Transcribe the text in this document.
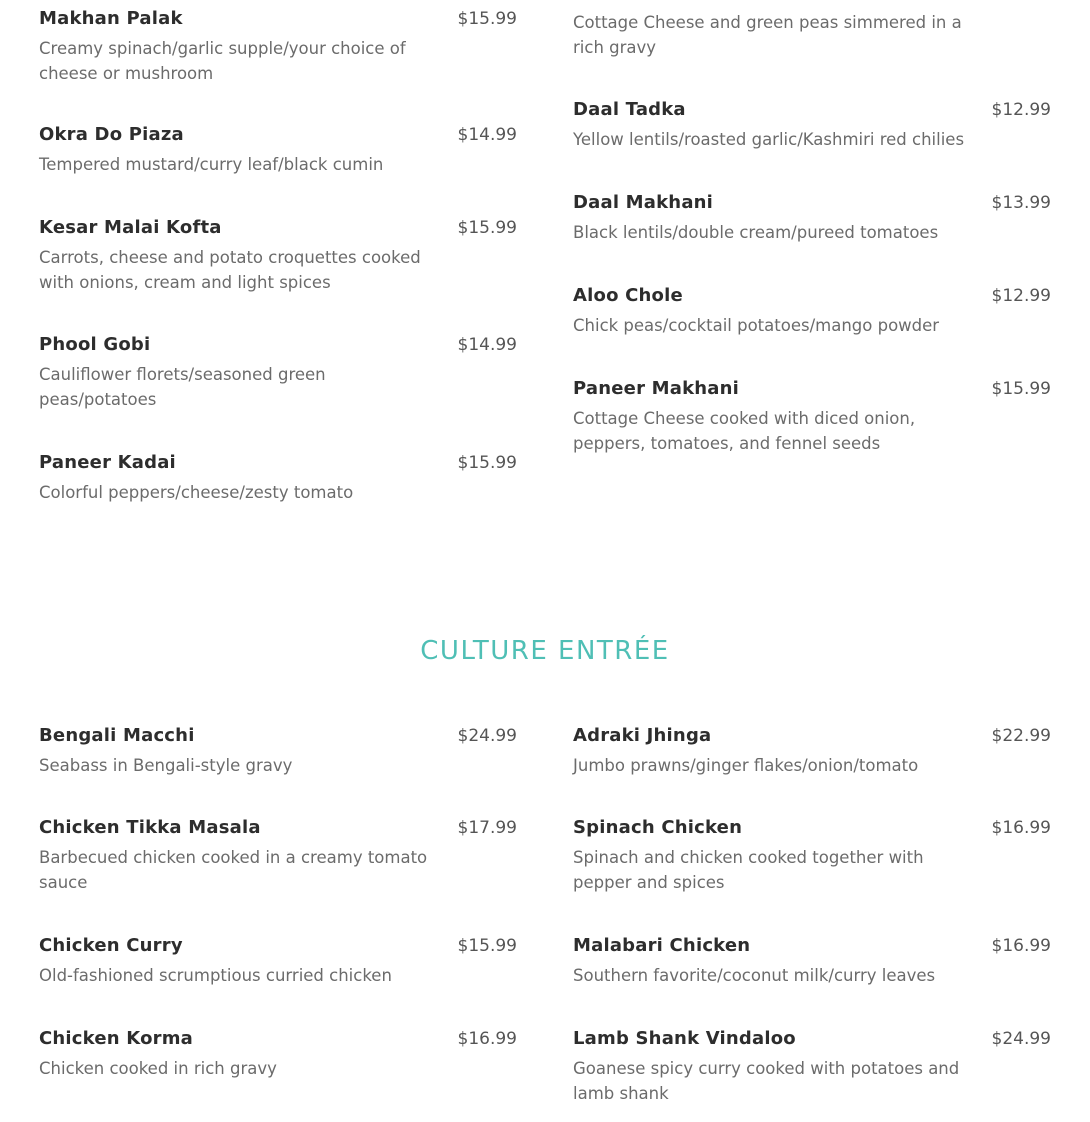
Makhan Palak	$15.99
Creamy spinach/garlic supple/your choice of cheese or mushroom
Okra Do Piaza	$14.99
Tempered mustard/curry leaf/black cumin
Kesar Malai Kofta	$15.99
Carrots, cheese and potato croquettes cooked with onions, cream and light spices
Phool Gobi	$14.99
Cauliflower florets/seasoned green peas/potatoes
Paneer Kadai	$15.99
Colorful peppers/cheese/zesty tomato
Cottage Cheese and green peas simmered in a rich gravy
Daal Tadka	$12.99
Yellow lentils/roasted garlic/Kashmiri red chilies
Daal Makhani	$13.99
Black lentils/double cream/pureed tomatoes
Aloo Chole	$12.99
Chick peas/cocktail potatoes/mango powder
Paneer Makhani	$15.99
Cottage Cheese cooked with diced onion, peppers, tomatoes, and fennel seeds
CULTURE ENTRÉE
Bengali Macchi	$24.99
Seabass in Bengali-style gravy
Chicken Tikka Masala	$17.99
Barbecued chicken cooked in a creamy tomato sauce
Chicken Curry	$15.99
Old-fashioned scrumptious curried chicken
Chicken Korma	$16.99
Chicken cooked in rich gravy
Adraki Jhinga	$22.99
Jumbo prawns/ginger flakes/onion/tomato
Spinach Chicken	$16.99
Spinach and chicken cooked together with pepper and spices
Malabari Chicken	$16.99
Southern favorite/coconut milk/curry leaves
Lamb Shank Vindaloo	$24.99
Goanese spicy curry cooked with potatoes and lamb shank
